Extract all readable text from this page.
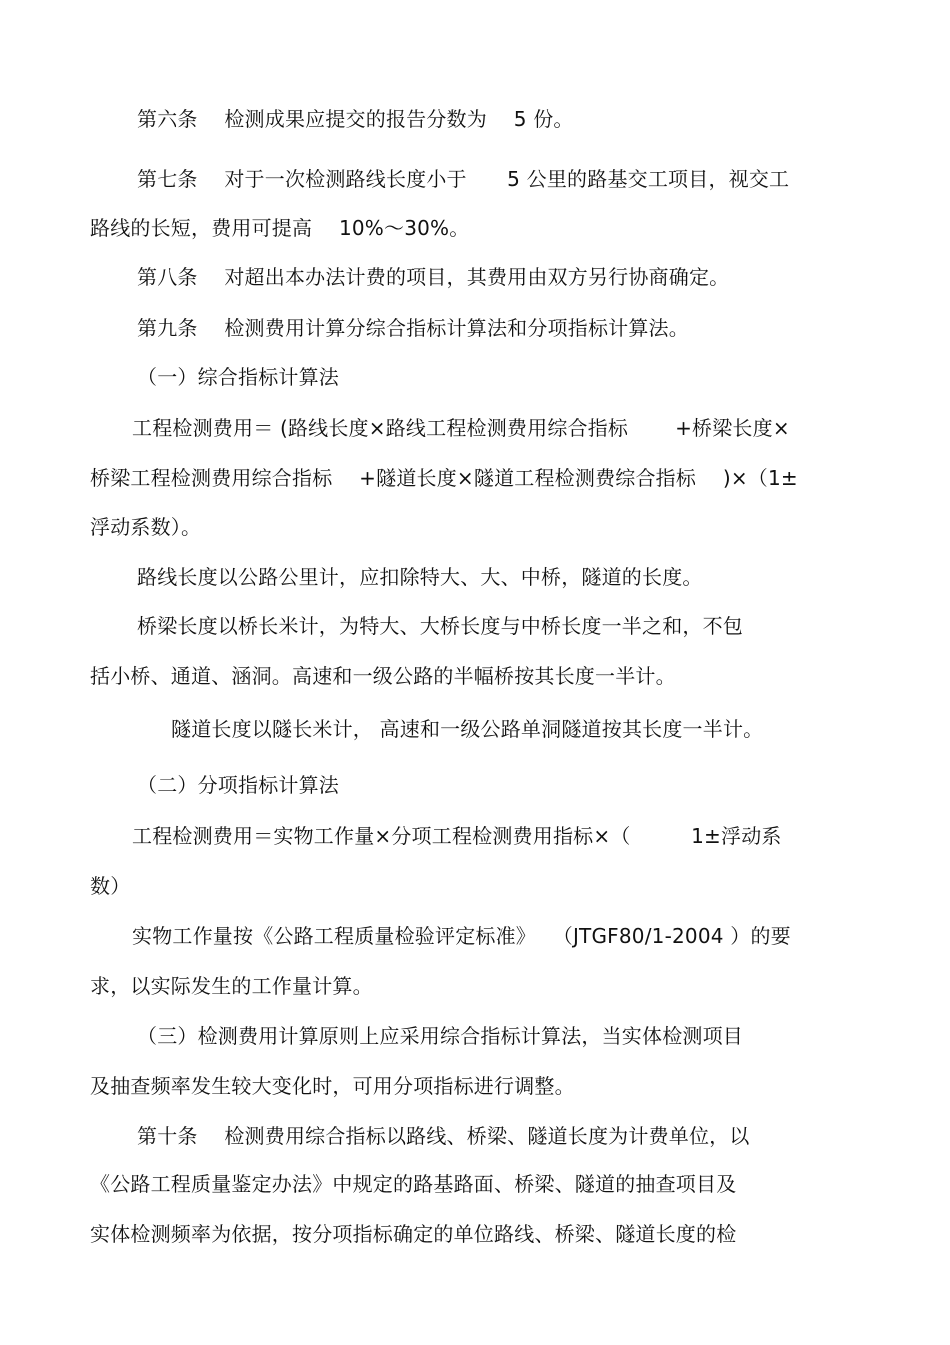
第六条　 检测成果应提交的报告分数为　 5 份。
第七条　 对于一次检测路线长度小于　　5 公里的路基交工项目，视交工
路线的长短，费用可提高　 10%～30%。
第八条　 对超出本办法计费的项目，其费用由双方另行协商确定。
第九条　 检测费用计算分综合指标计算法和分项指标计算法。
（一）综合指标计算法
工程检测费用＝ (路线长度×路线工程检测费用综合指标　　 +桥梁长度×
桥梁工程检测费用综合指标　 +隧道长度×隧道工程检测费综合指标　 )×（1±
浮动系数）。
路线长度以公路公里计，应扣除特大、大、中桥，隧道的长度。
桥梁长度以桥长米计，为特大、大桥长度与中桥长度一半之和，不包
括小桥、通道、涵洞。高速和一级公路的半幅桥按其长度一半计。
隧道长度以隧长米计， 高速和一级公路单洞隧道按其长度一半计。
（二）分项指标计算法
工程检测费用＝实物工作量×分项工程检测费用指标×（　　　1±浮动系
数）
实物工作量按《公路工程质量检验评定标准》　 （JTGF80/1-2004 ）的要
求，以实际发生的工作量计算。
（三）检测费用计算原则上应采用综合指标计算法，当实体检测项目
及抽查频率发生较大变化时，可用分项指标进行调整。
第十条　 检测费用综合指标以路线、桥梁、隧道长度为计费单位，以
《公路工程质量鉴定办法》中规定的路基路面、桥梁、隧道的抽查项目及
实体检测频率为依据，按分项指标确定的单位路线、桥梁、隧道长度的检
